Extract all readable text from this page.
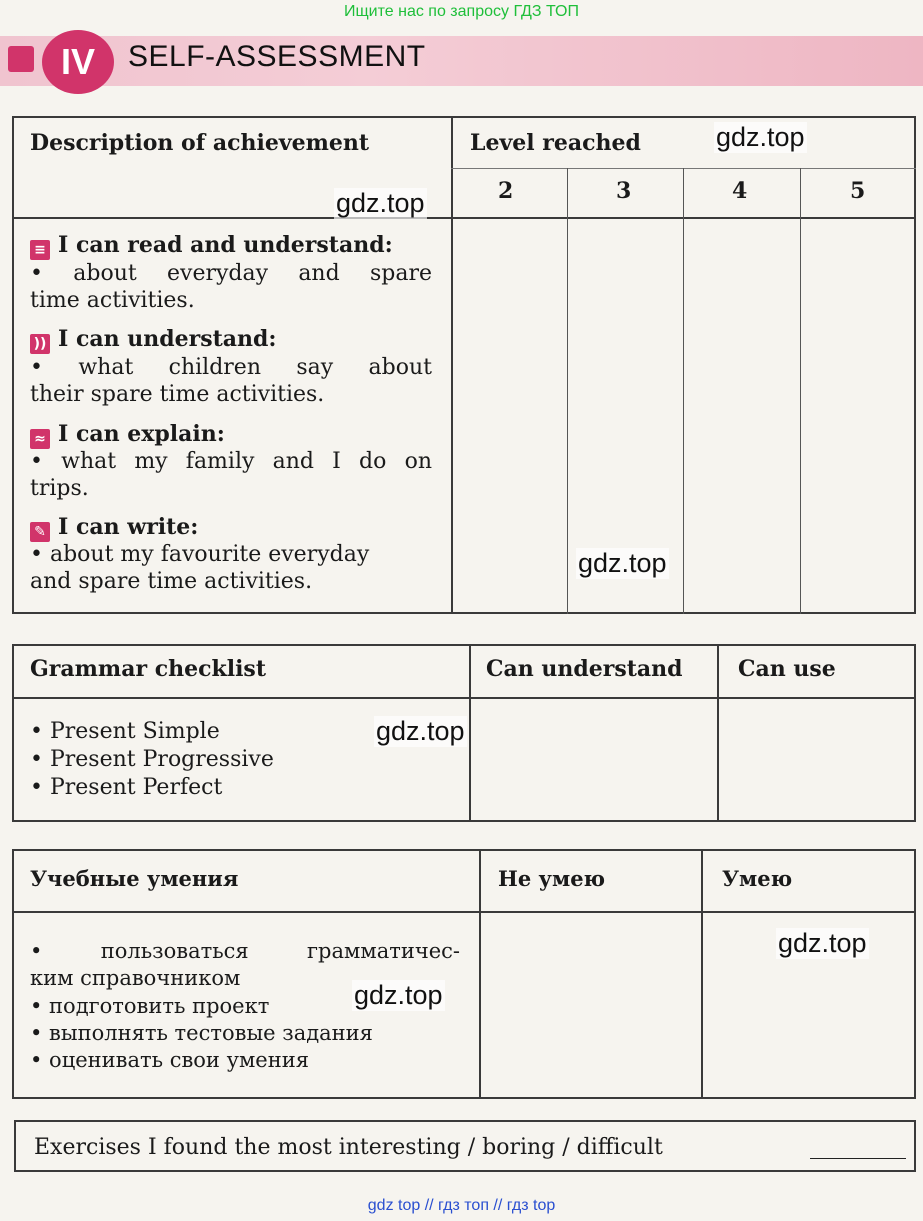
Ищите нас по запросу ГДЗ ТОП
IV	SELF-ASSESSMENT
Description of achievement	Level reached
2	3	4	5
≡ I can read and understand:
• about everyday and spare
time activities.
)) I can understand:
• what children say about
their spare time activities.
≈ I can explain:
• what my family and I do on
trips.
✎ I can write:
• about my favourite everyday
and spare time activities.
Grammar checklist	Can understand	Can use
• Present Simple
• Present Progressive
• Present Perfect
Учебные умения	Не умею	Умею
• пользоваться грамматичес-
ким справочником
• подготовить проект
• выполнять тестовые задания
• оценивать свои умения
Exercises I found the most interesting / boring / difficult
gdz.top
gdz.top
gdz.top
gdz.top
gdz.top
gdz.top
gdz top // гдз топ // гдз top
